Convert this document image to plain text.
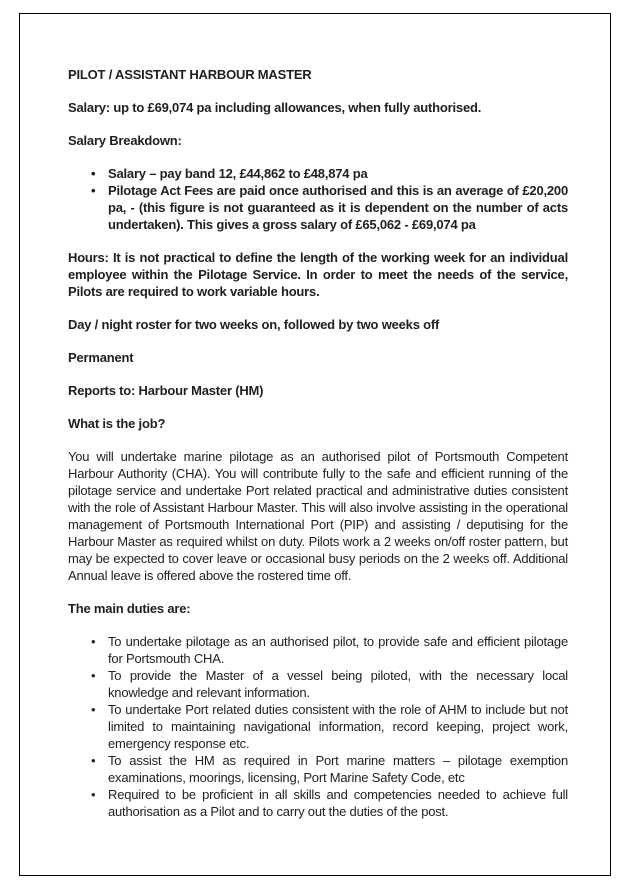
PILOT / ASSISTANT HARBOUR MASTER

Salary: up to £69,074 pa including allowances, when fully authorised.

Salary Breakdown:

• Salary – pay band 12, £44,862 to £48,874 pa
• Pilotage Act Fees are paid once authorised and this is an average of £20,200 pa, - (this figure is not guaranteed as it is dependent on the number of acts undertaken). This gives a gross salary of £65,062 - £69,074 pa

Hours: It is not practical to define the length of the working week for an individual employee within the Pilotage Service. In order to meet the needs of the service, Pilots are required to work variable hours.

Day / night roster for two weeks on, followed by two weeks off

Permanent

Reports to: Harbour Master (HM)

What is the job?

You will undertake marine pilotage as an authorised pilot of Portsmouth Competent Harbour Authority (CHA). You will contribute fully to the safe and efficient running of the pilotage service and undertake Port related practical and administrative duties consistent with the role of Assistant Harbour Master. This will also involve assisting in the operational management of Portsmouth International Port (PIP) and assisting / deputising for the Harbour Master as required whilst on duty. Pilots work a 2 weeks on/off roster pattern, but may be expected to cover leave or occasional busy periods on the 2 weeks off. Additional Annual leave is offered above the rostered time off.

The main duties are:

• To undertake pilotage as an authorised pilot, to provide safe and efficient pilotage for Portsmouth CHA.
• To provide the Master of a vessel being piloted, with the necessary local knowledge and relevant information.
• To undertake Port related duties consistent with the role of AHM to include but not limited to maintaining navigational information, record keeping, project work, emergency response etc.
• To assist the HM as required in Port marine matters – pilotage exemption examinations, moorings, licensing, Port Marine Safety Code, etc
• Required to be proficient in all skills and competencies needed to achieve full authorisation as a Pilot and to carry out the duties of the post.
